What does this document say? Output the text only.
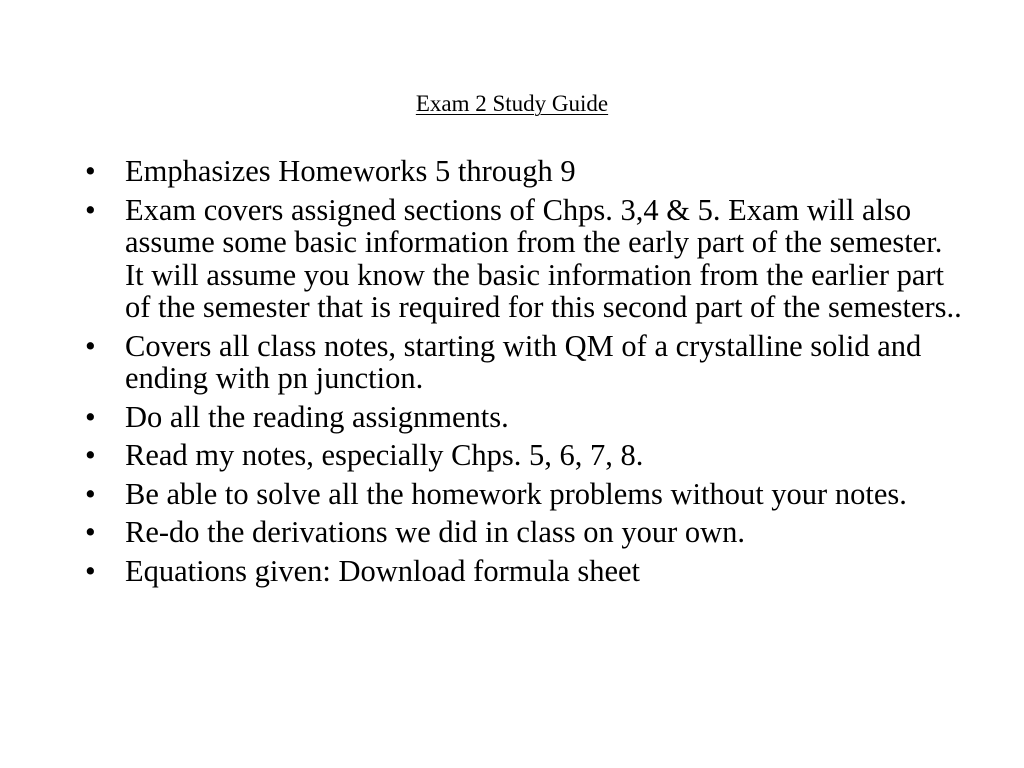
Exam 2 Study Guide
• Emphasizes Homeworks 5 through 9
• Exam covers assigned sections of Chps. 3,4 & 5. Exam will also assume some basic information from the early part of the semester. It will assume you know the basic information from the earlier part of the semester that is required for this second part of the semesters..
• Covers all class notes, starting with QM of a crystalline solid and ending with pn junction.
• Do all the reading assignments.
• Read my notes, especially Chps. 5, 6, 7, 8.
• Be able to solve all the homework problems without your notes.
• Re-do the derivations we did in class on your own.
• Equations given: Download formula sheet
